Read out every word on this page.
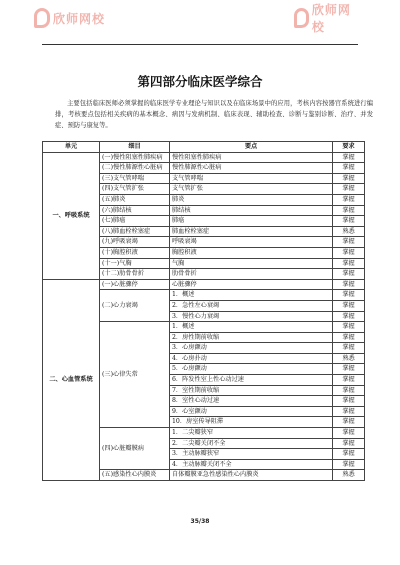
欣师网校
欣师网校
第四部分临床医学综合
主要包括临床医师必须掌握的临床医学专业理论与知识以及在临床场景中的应用，考核内容按器官系统进行编排，考核要点包括相关疾病的基本概念、病因与发病机制、临床表现、辅助检查、诊断与鉴别诊断、治疗、并发症、预防与康复等。
单元	细目	要点	要求
一、呼吸系统	(一)慢性阻塞性肺疾病	慢性阻塞性肺疾病	掌握
	(二)慢性肺源性心脏病	慢性肺源性心脏病	掌握
	(三)支气管哮喘	支气管哮喘	掌握
	(四)支气管扩张	支气管扩张	掌握
	(五)肺炎	肺炎	掌握
	(六)肺结核	肺结核	掌握
	(七)肺癌	肺癌	掌握
	(八)肺血栓栓塞症	肺血栓栓塞症	熟悉
	(九)呼吸衰竭	呼吸衰竭	掌握
	(十)胸腔积液	胸腔积液	掌握
	(十一)气胸	气胸	掌握
	(十二)肋骨骨折	肋骨骨折	掌握
二、心血管系统	(一)心脏骤停	心脏骤停	掌握
	(二)心力衰竭	1．概述	掌握
		2．急性左心衰竭	掌握
		3．慢性心力衰竭	掌握
	(三)心律失常	1．概述	掌握
		2．房性期前收缩	掌握
		3．心房颤动	掌握
		4．心房扑动	熟悉
		5．心房颤动	掌握
		6．阵发性室上性心动过速	掌握
		7．室性期前收缩	掌握
		8．室性心动过速	掌握
		9．心室颤动	掌握
		10．房室传导阻滞	掌握
	(四)心脏瓣膜病	1．二尖瓣狭窄	掌握
		2．二尖瓣关闭不全	掌握
		3．主动脉瓣狭窄	掌握
		4．主动脉瓣关闭不全	掌握
	(五)感染性心内膜炎	自体瓣膜亚急性感染性心内膜炎	熟悉
35/38
